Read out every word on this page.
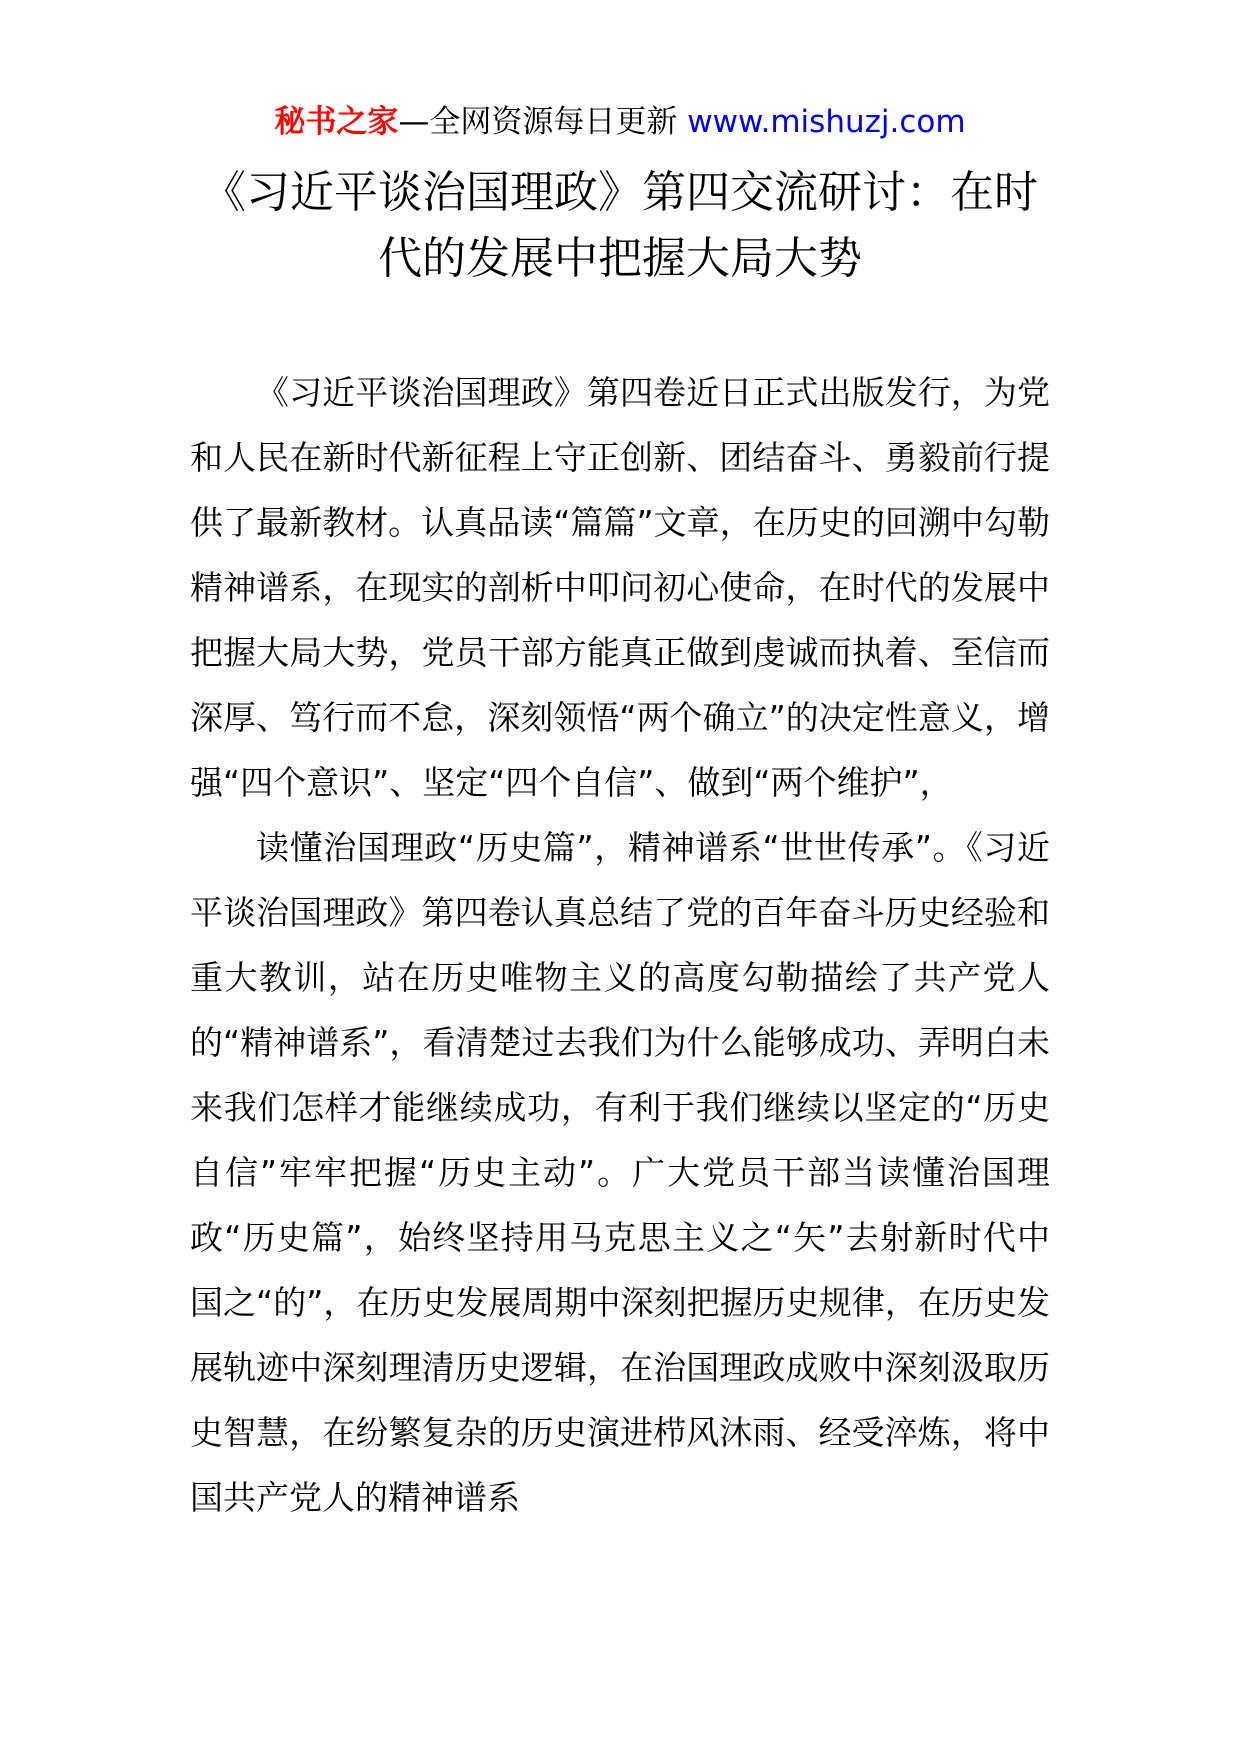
秘书之家—全网资源每日更新 www.mishuzj.com
《习近平谈治国理政》第四交流研讨：在时代的发展中把握大局大势

《习近平谈治国理政》第四卷近日正式出版发行，为党和人民在新时代新征程上守正创新、团结奋斗、勇毅前行提供了最新教材。认真品读“篇篇”文章，在历史的回溯中勾勒精神谱系，在现实的剖析中叩问初心使命，在时代的发展中把握大局大势，党员干部方能真正做到虔诚而执着、至信而深厚、笃行而不怠，深刻领悟“两个确立”的决定性意义，增强“四个意识”、坚定“四个自信”、做到“两个维护”，

读懂治国理政“历史篇”，精神谱系“世世传承”。《习近平谈治国理政》第四卷认真总结了党的百年奋斗历史经验和重大教训，站在历史唯物主义的高度勾勒描绘了共产党人的“精神谱系”，看清楚过去我们为什么能够成功、弄明白未来我们怎样才能继续成功，有利于我们继续以坚定的“历史自信”牢牢把握“历史主动”。广大党员干部当读懂治国理政“历史篇”，始终坚持用马克思主义之“矢”去射新时代中国之“的”，在历史发展周期中深刻把握历史规律，在历史发展轨迹中深刻理清历史逻辑，在治国理政成败中深刻汲取历史智慧，在纷繁复杂的历史演进栉风沐雨、经受淬炼，将中国共产党人的精神谱系
